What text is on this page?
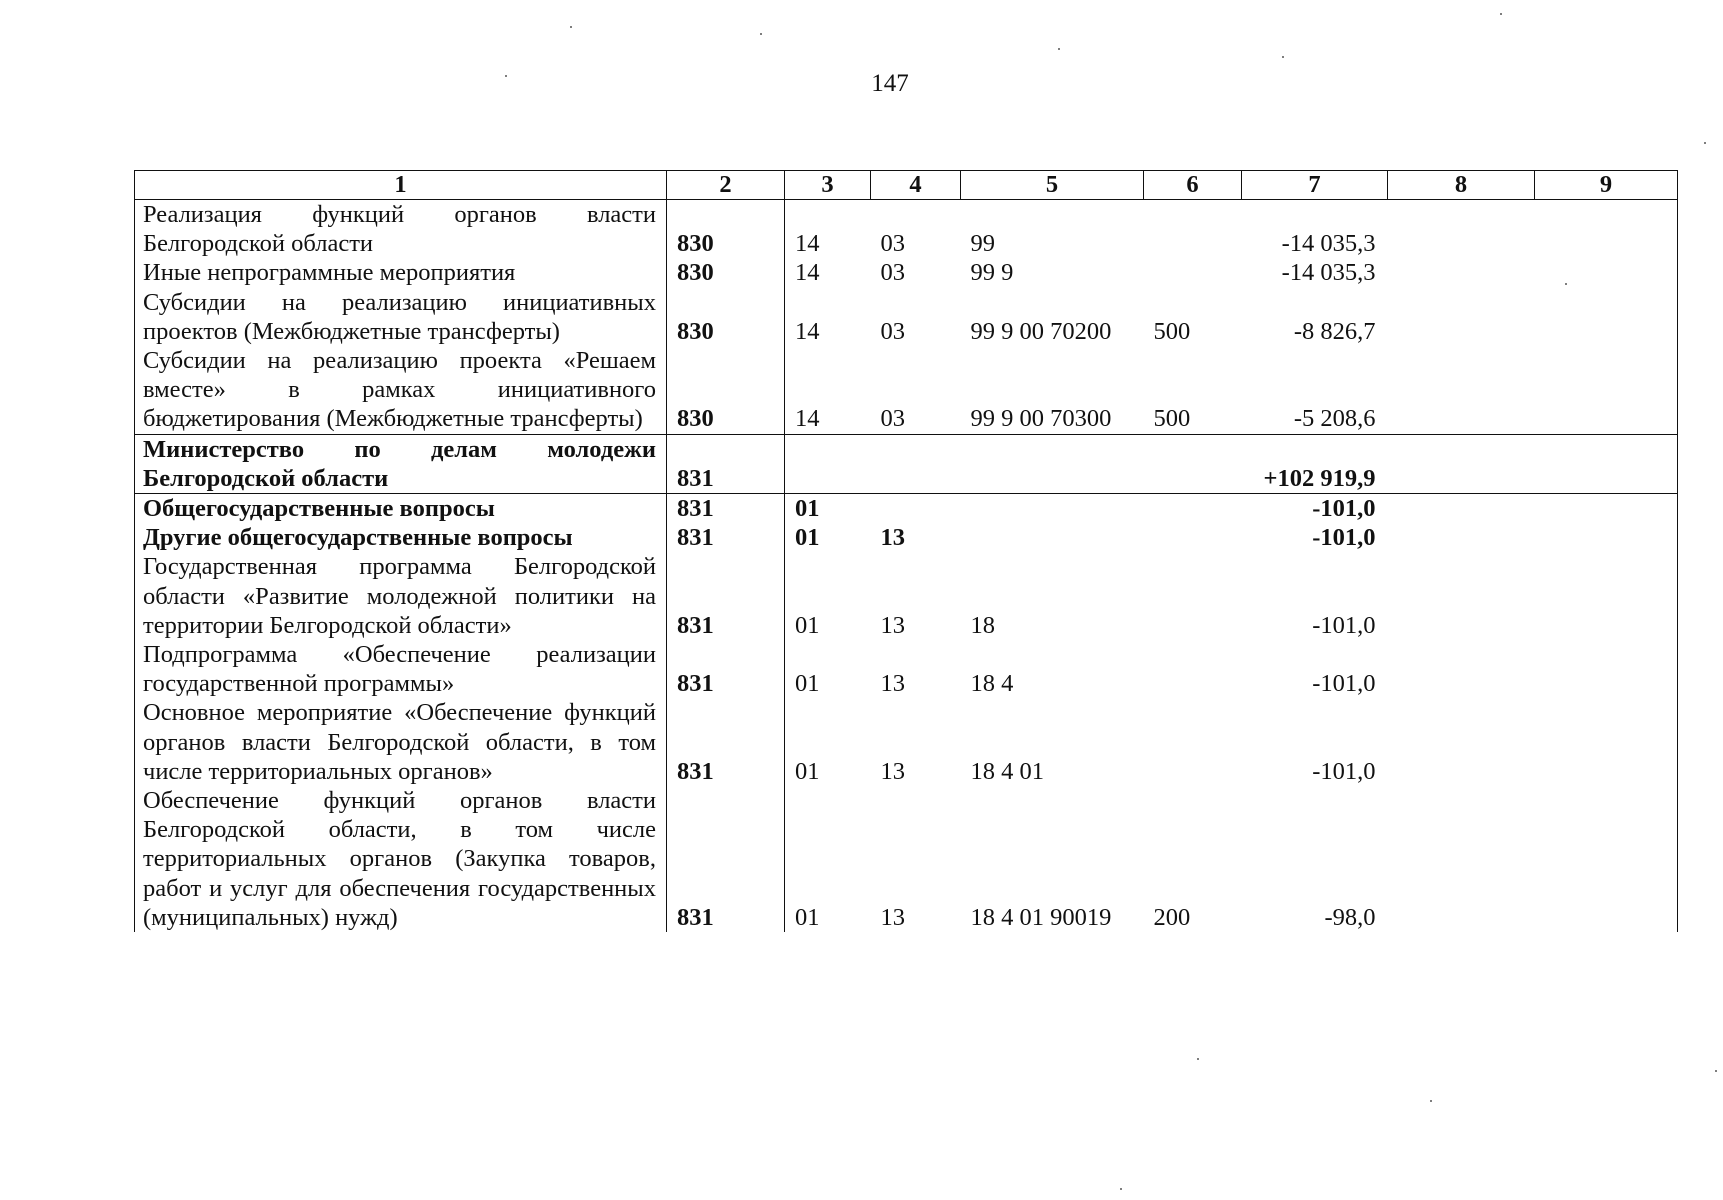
147
1	2	3	4	5	6	7	8	9
Реализация функций органов власти Белгородской области	830	14	03	99		-14 035,3		
Иные непрограммные мероприятия	830	14	03	99 9		-14 035,3		
Субсидии на реализацию инициативных проектов (Межбюджетные трансферты)	830	14	03	99 9 00 70200	500	-8 826,7		
Субсидии на реализацию проекта «Решаем вместе» в рамках инициативного бюджетирования (Межбюджетные трансферты)	830	14	03	99 9 00 70300	500	-5 208,6		
Министерство по делам молодежи Белгородской области	831					+102 919,9		
Общегосударственные вопросы	831	01				-101,0		
Другие общегосударственные вопросы	831	01	13			-101,0		
Государственная программа Белгородской области «Развитие молодежной политики на территории Белгородской области»	831	01	13	18		-101,0		
Подпрограмма «Обеспечение реализации государственной программы»	831	01	13	18 4		-101,0		
Основное мероприятие «Обеспечение функций органов власти Белгородской области, в том числе территориальных органов»	831	01	13	18 4 01		-101,0		
Обеспечение функций органов власти Белгородской области, в том числе территориальных органов (Закупка товаров, работ и услуг для обеспечения государственных (муниципальных) нужд)	831	01	13	18 4 01 90019	200	-98,0		
